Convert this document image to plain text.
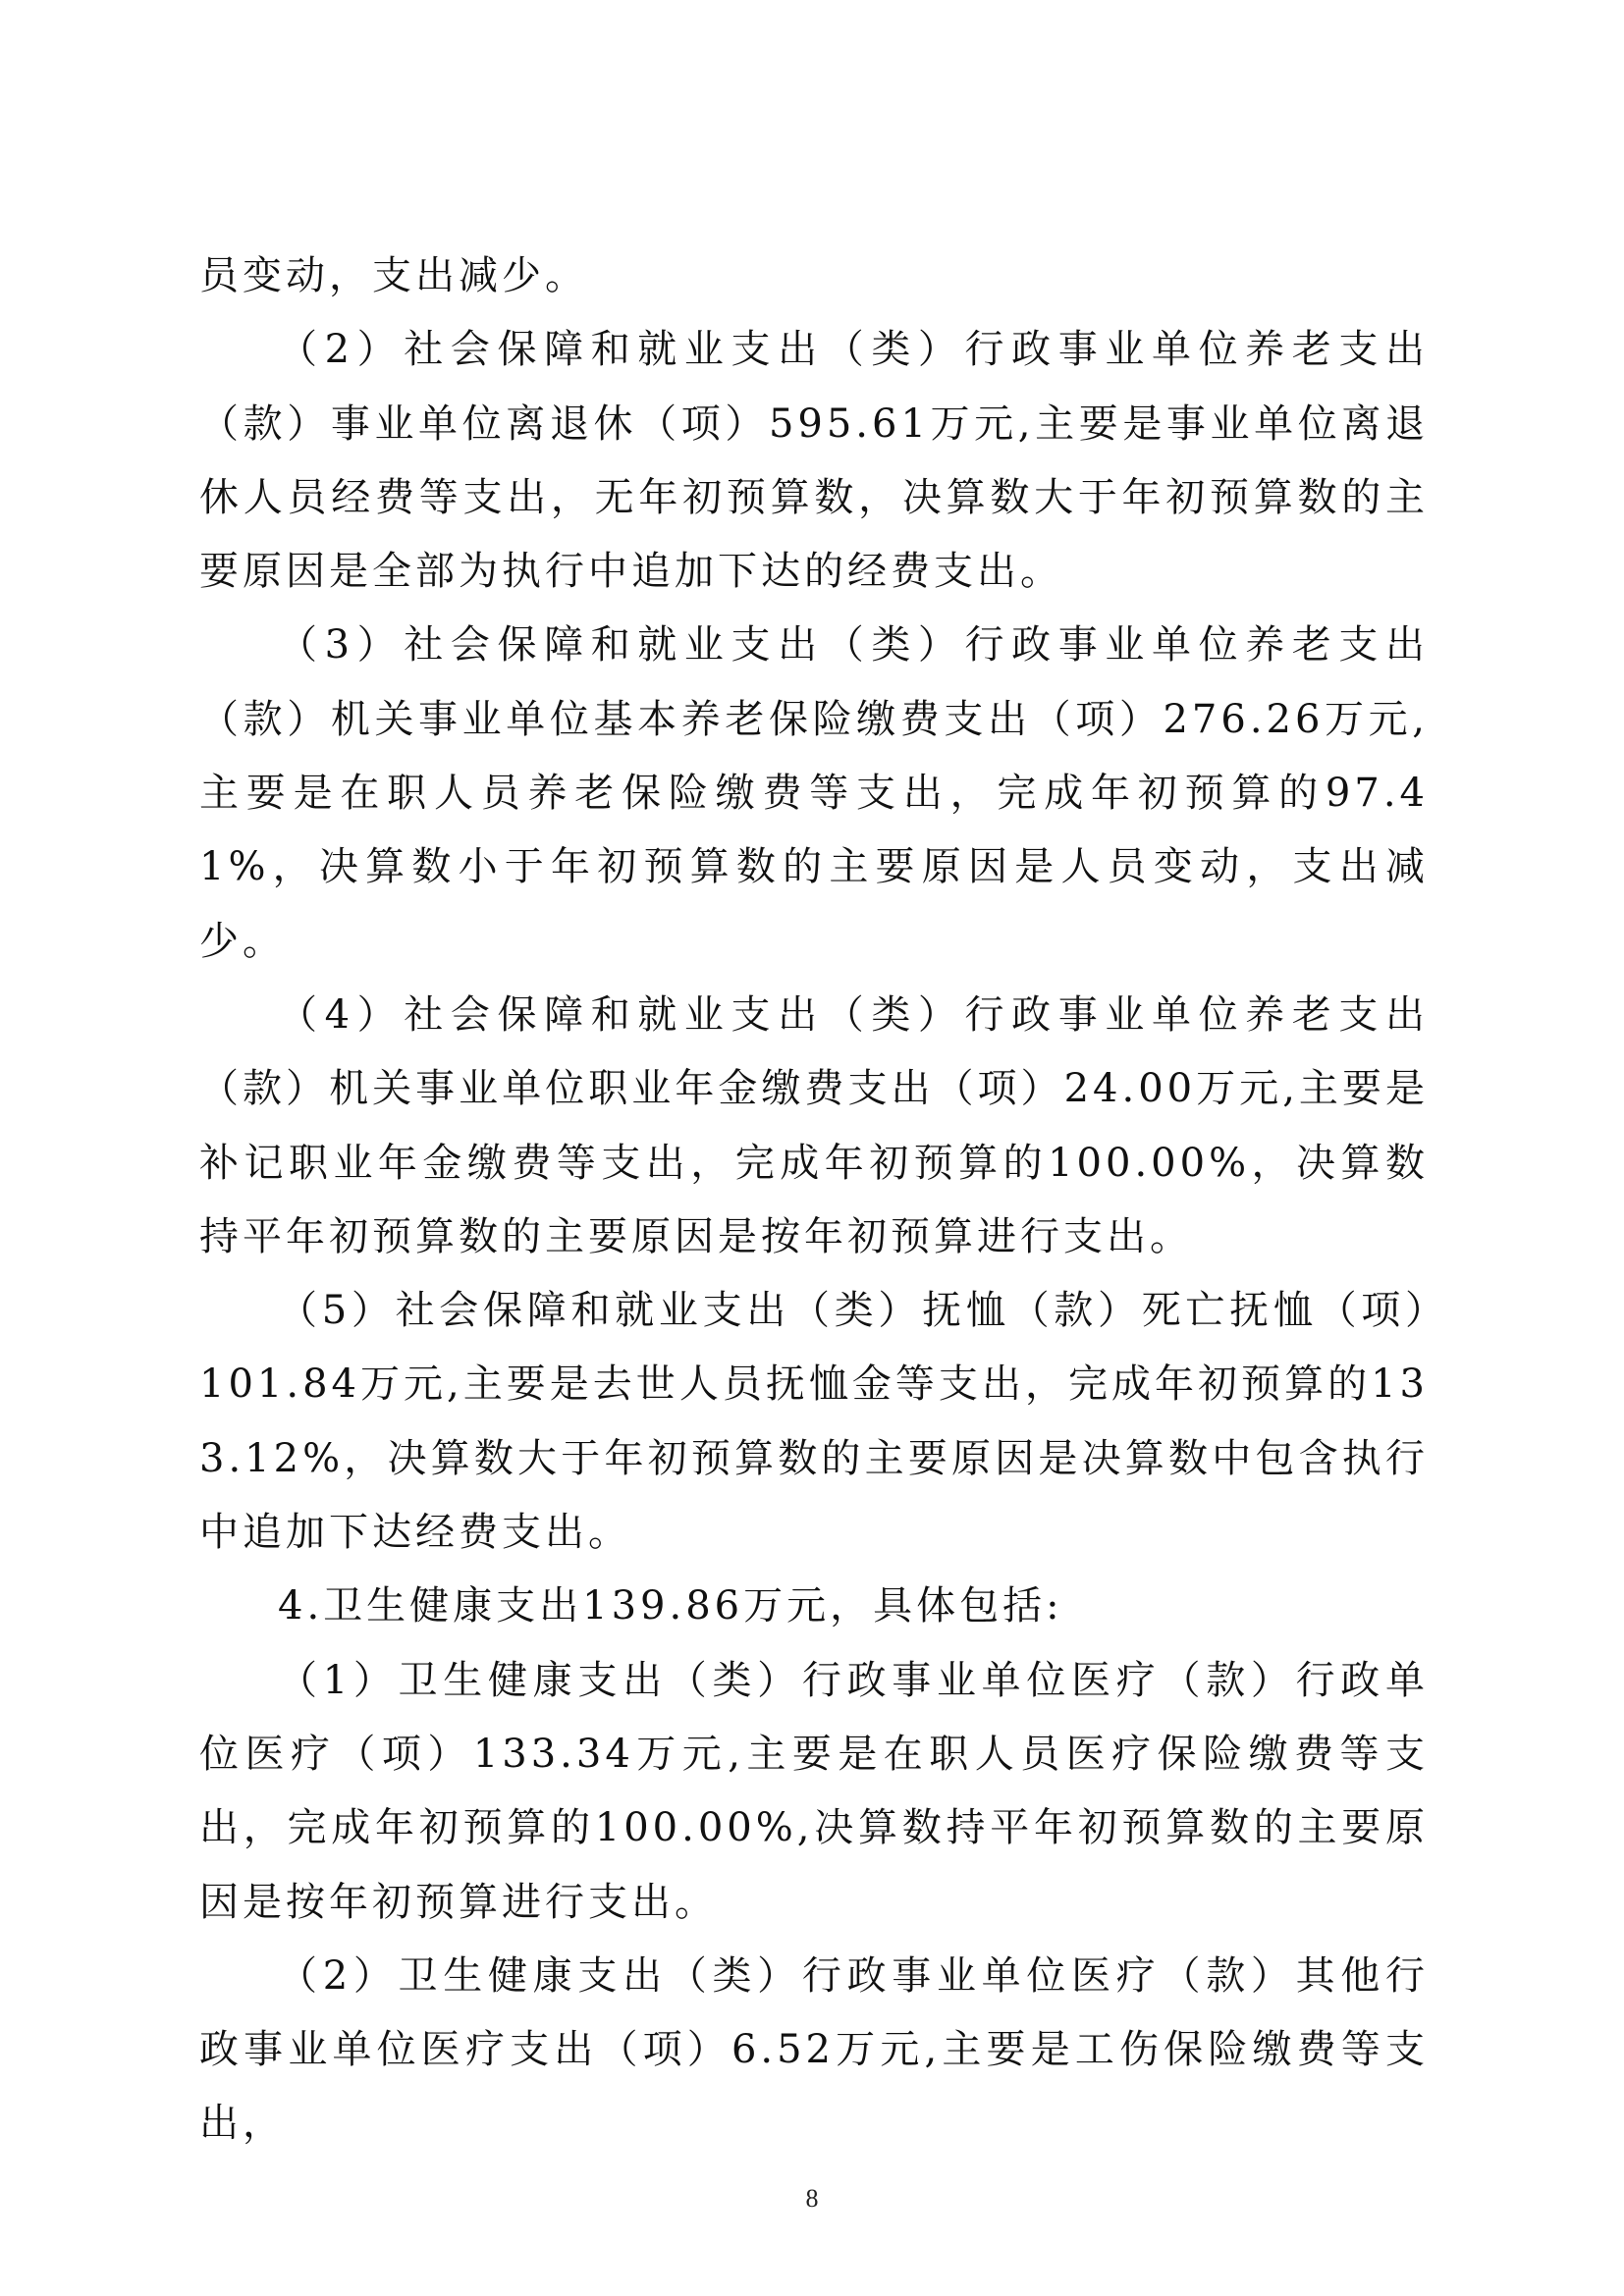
员变动，支出减少。

（2）社会保障和就业支出（类）行政事业单位养老支出（款）事业单位离退休（项）595.61万元,主要是事业单位离退休人员经费等支出，无年初预算数，决算数大于年初预算数的主要原因是全部为执行中追加下达的经费支出。

（3）社会保障和就业支出（类）行政事业单位养老支出（款）机关事业单位基本养老保险缴费支出（项）276.26万元,主要是在职人员养老保险缴费等支出，完成年初预算的97.41%，决算数小于年初预算数的主要原因是人员变动，支出减少。

（4）社会保障和就业支出（类）行政事业单位养老支出（款）机关事业单位职业年金缴费支出（项）24.00万元,主要是补记职业年金缴费等支出，完成年初预算的100.00%，决算数持平年初预算数的主要原因是按年初预算进行支出。

（5）社会保障和就业支出（类）抚恤（款）死亡抚恤（项）101.84万元,主要是去世人员抚恤金等支出，完成年初预算的133.12%，决算数大于年初预算数的主要原因是决算数中包含执行中追加下达经费支出。

4.卫生健康支出139.86万元，具体包括:

（1）卫生健康支出（类）行政事业单位医疗（款）行政单位医疗（项）133.34万元,主要是在职人员医疗保险缴费等支出，完成年初预算的100.00%,决算数持平年初预算数的主要原因是按年初预算进行支出。

（2）卫生健康支出（类）行政事业单位医疗（款）其他行政事业单位医疗支出（项）6.52万元,主要是工伤保险缴费等支出，

8
